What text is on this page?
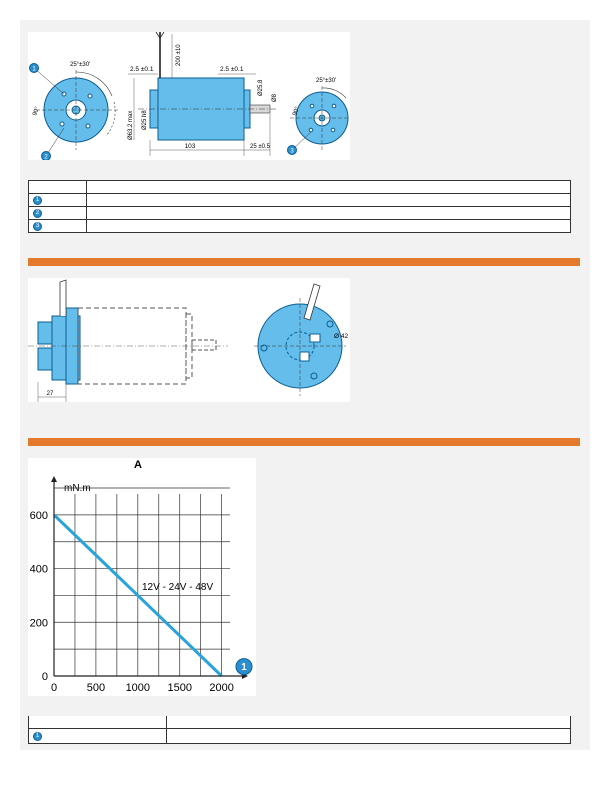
25°±30'
90°
1
2
200 ±10
2.5 ±0.1	2.5 ±0.1
Ø63.2 max Ø25 h8
Ø25.8
Ø8
103	25 ±0.5
25°±30'
90°
3

1	
2	
3	
27
Ø 42
A
mN.m
0	500 1000 1500 2000
0
200
400
600
12V - 24V - 48V
1

1	
